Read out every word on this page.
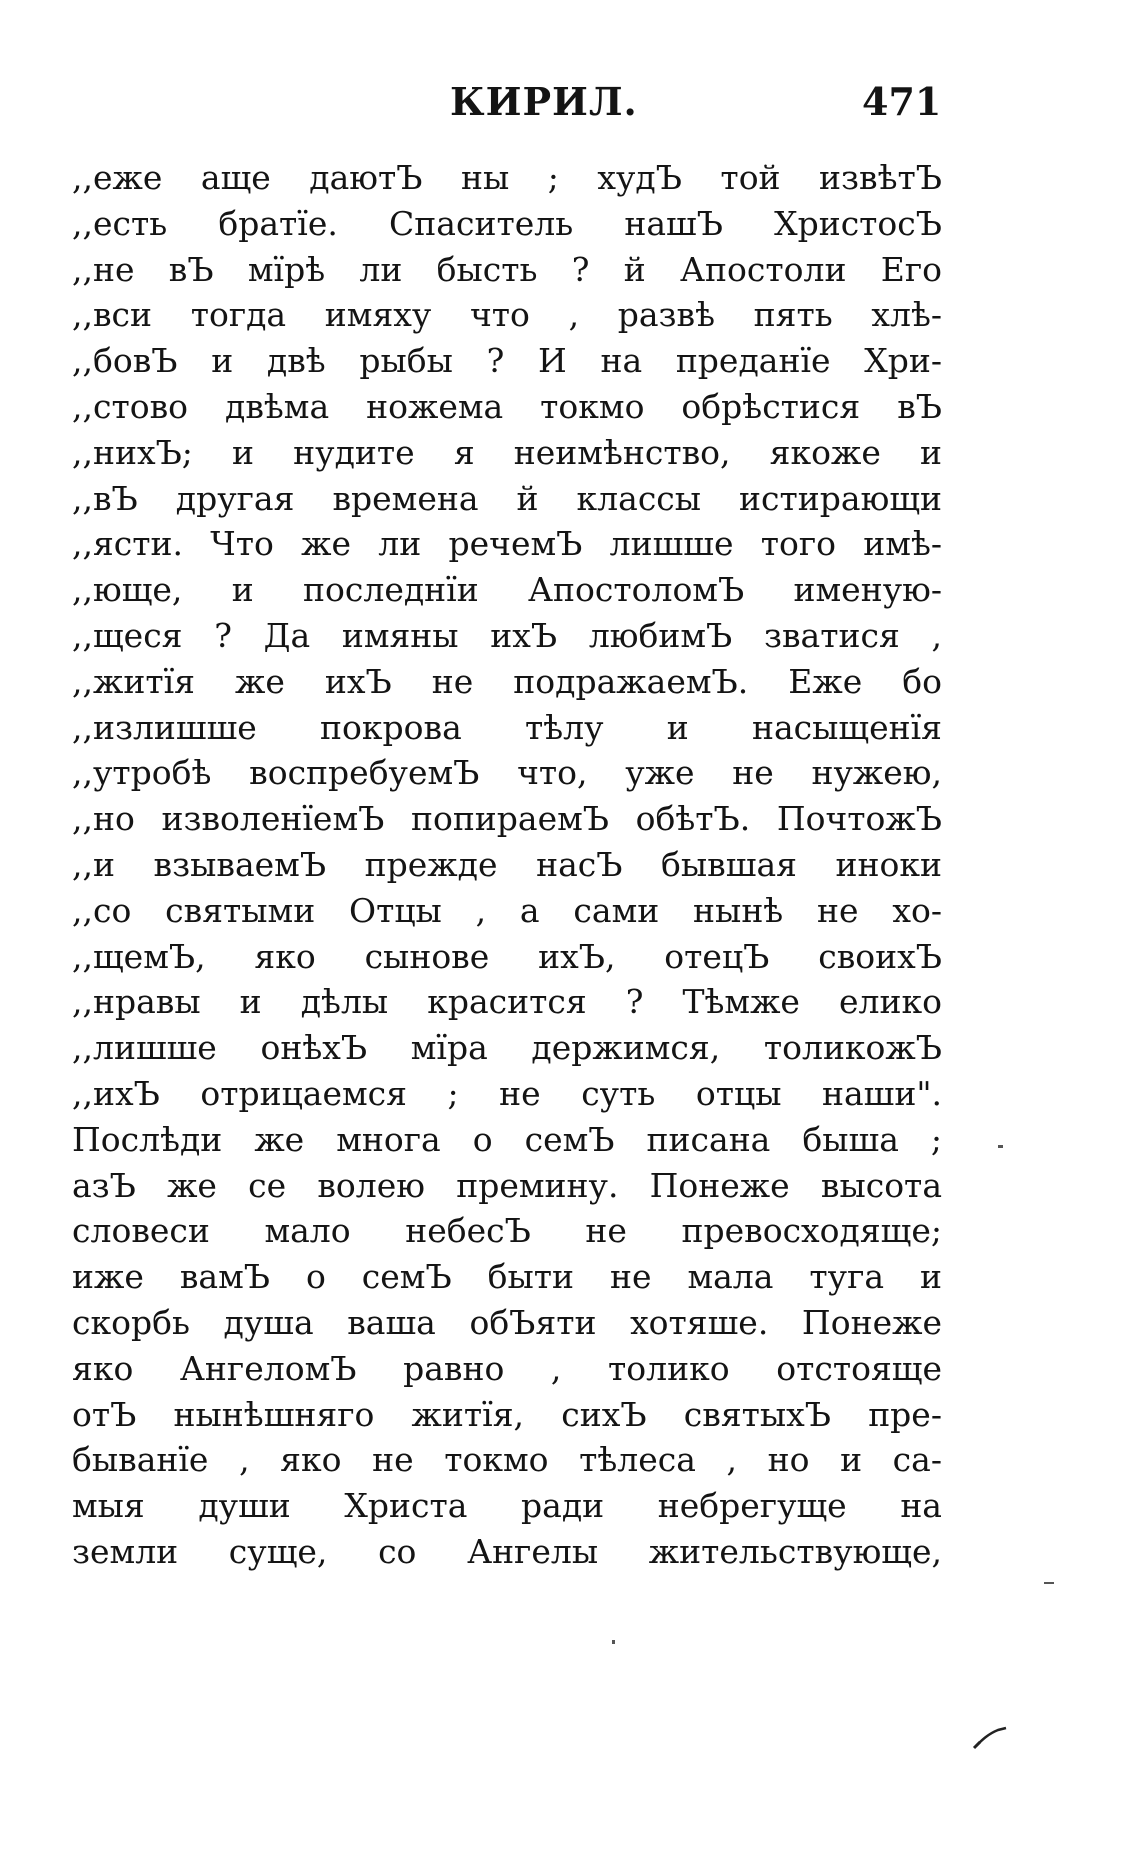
КИРИЛ.	471
,,еже аще даютЪ ны ; худЪ той извѣтЪ
,,есть братїе. Спаситель нашЪ ХристосЪ
,,не вЪ мїрѣ ли бысть ? й Апостоли Его
,,вси тогда имяху что , развѣ пять хлѣ-
,,бовЪ и двѣ рыбы ? И на преданїе Хри-
,,стово двѣма ножема токмо обрѣстися вЪ
,,нихЪ; и нудите я неимѣнство, якоже и
,,вЪ другая времена й классы истирающи
,,ясти. Что же ли речемЪ лишше того имѣ-
,,юще, и последнїи АпостоломЪ именую-
,,щеся ? Да имяны ихЪ любимЪ зватися ,
,,житїя же ихЪ не подражаемЪ. Еже бо
,,излишше покрова тѣлу и насыщенїя
,,утробѣ воспребуемЪ что, уже не нужею,
,,но изволенїемЪ попираемЪ обѣтЪ. ПочтожЪ
,,и взываемЪ прежде насЪ бывшая иноки
,,со святыми Отцы , а сами нынѣ не хо-
,,щемЪ, яко сынове ихЪ, отецЪ своихЪ
,,нравы и дѣлы красится ? Тѣмже елико
,,лишше онѣхЪ мїра держимся, толикожЪ
,,ихЪ отрицаемся ; не суть отцы наши".
Послѣди же многа о семЪ писана быша ;
азЪ же се волею премину. Понеже высота
словеси мало небесЪ не превосходяще;
иже вамЪ о семЪ быти не мала туга и
скорбь душа ваша обЪяти хотяше. Понеже
яко АнгеломЪ равно , толико отстояще
отЪ нынѣшняго житїя, сихЪ святыхЪ пре-
быванїе , яко не токмо тѣлеса , но и са-
мыя души Христа ради небрегуще на
земли суще, со Ангелы жительствующе,
